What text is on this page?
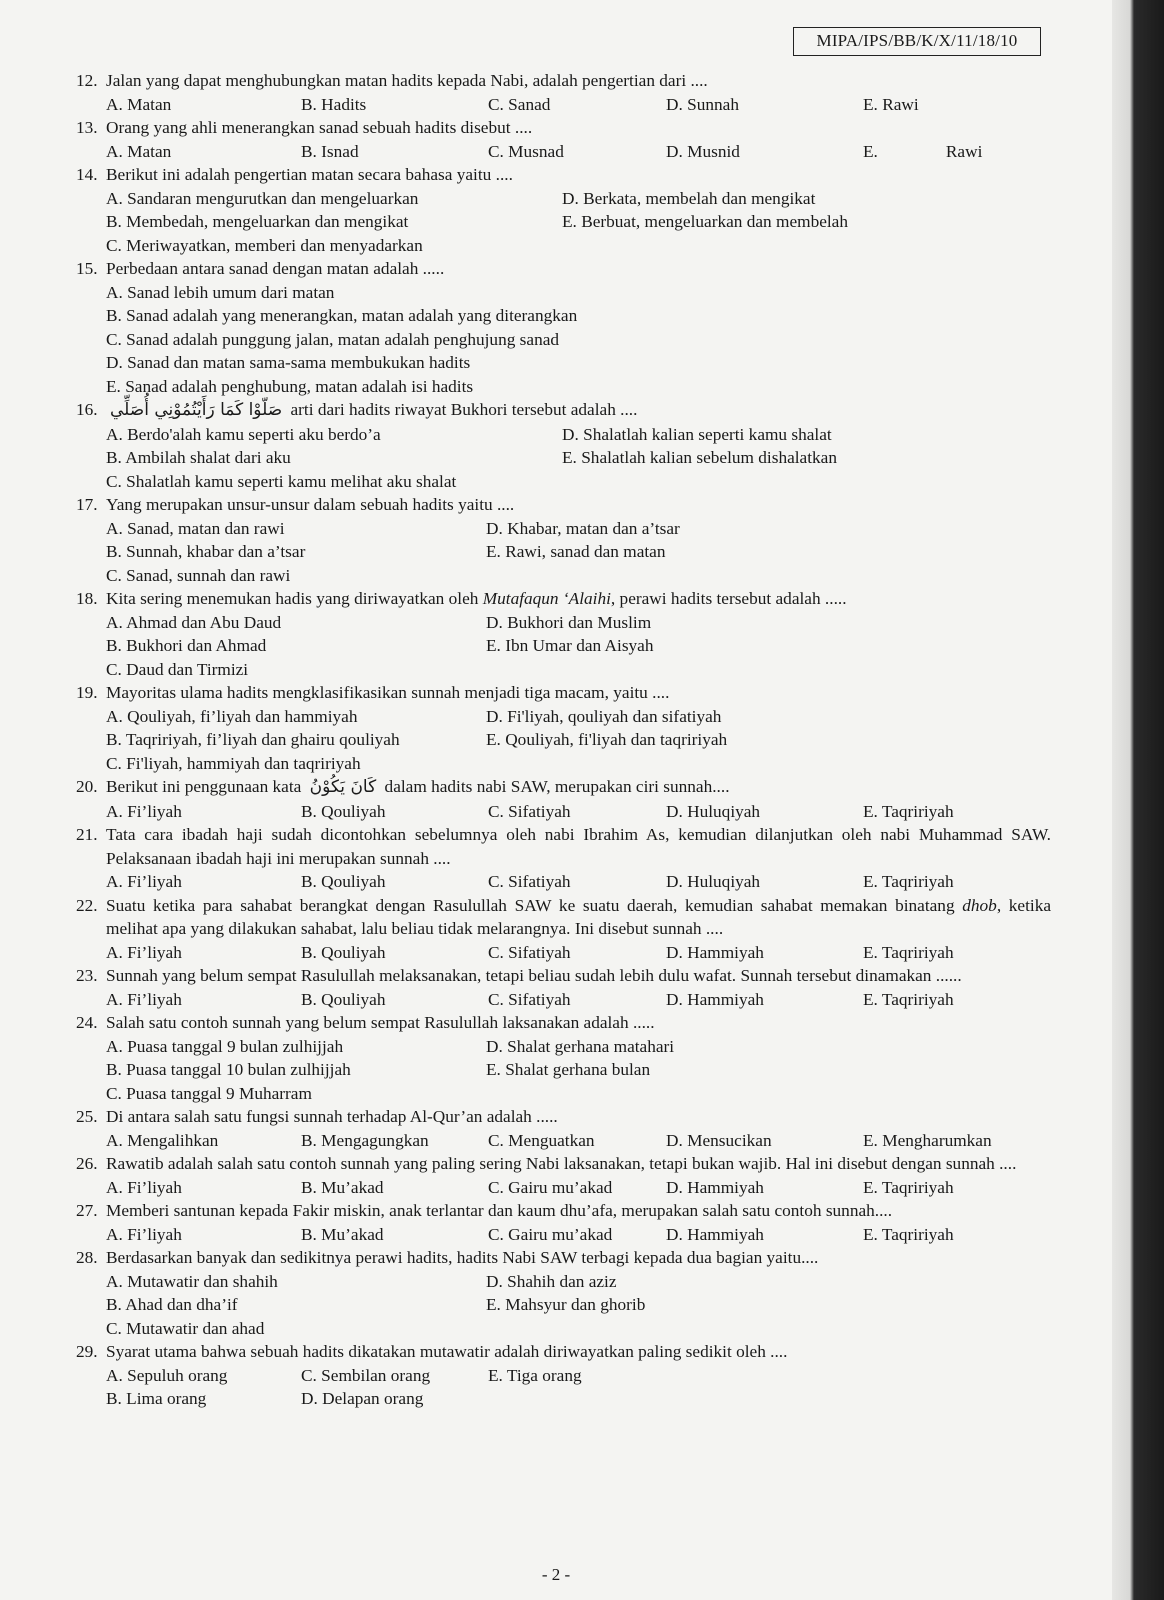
MIPA/IPS/BB/K/X/11/18/10
12. Jalan yang dapat menghubungkan matan hadits kepada Nabi, adalah pengertian dari ....
A. Matan	B. Hadits	C. Sanad	D. Sunnah	E. Rawi
13. Orang yang ahli menerangkan sanad sebuah hadits disebut ....
A. Matan	B. Isnad	C. Musnad	D. Musnid	E.	Rawi
14. Berikut ini adalah pengertian matan secara bahasa yaitu ....
A. Sandaran mengurutkan dan mengeluarkan	D. Berkata, membelah dan mengikat
B. Membedah, mengeluarkan dan mengikat	E. Berbuat, mengeluarkan dan membelah
C. Meriwayatkan, memberi dan menyadarkan
15. Perbedaan antara sanad dengan matan adalah .....
A. Sanad lebih umum dari matan
B. Sanad adalah yang menerangkan, matan adalah yang diterangkan
C. Sanad adalah punggung jalan, matan adalah penghujung sanad
D. Sanad dan matan sama-sama membukukan hadits
E. Sanad adalah penghubung, matan adalah isi hadits
16. صَلّوْا كَمَا رَأَيْتُمُوْنِي أُصَلِّي arti dari hadits riwayat Bukhori tersebut adalah ....
A. Berdo'alah kamu seperti aku berdo’a	D. Shalatlah kalian seperti kamu shalat
B. Ambilah shalat dari aku	E. Shalatlah kalian sebelum dishalatkan
C. Shalatlah kamu seperti kamu melihat aku shalat
17. Yang merupakan unsur-unsur dalam sebuah hadits yaitu ....
A. Sanad, matan dan rawi	D. Khabar, matan dan a’tsar
B. Sunnah, khabar dan a’tsar	E. Rawi, sanad dan matan
C. Sanad, sunnah dan rawi
18. Kita sering menemukan hadis yang diriwayatkan oleh Mutafaqun ‘Alaihi, perawi hadits tersebut adalah .....
A. Ahmad dan Abu Daud	D. Bukhori dan Muslim
B. Bukhori dan Ahmad	E. Ibn Umar dan Aisyah
C. Daud dan Tirmizi
19. Mayoritas ulama hadits mengklasifikasikan sunnah menjadi tiga macam, yaitu ....
A. Qouliyah, fi’liyah dan hammiyah	D. Fi'liyah, qouliyah dan sifatiyah
B. Taqririyah, fi’liyah dan ghairu qouliyah	E. Qouliyah, fi'liyah dan taqririyah
C. Fi'liyah, hammiyah dan taqririyah
20. Berikut ini penggunaan kata كَانَ يَكُوْنُ dalam hadits nabi SAW, merupakan ciri sunnah....
A. Fi’liyah	B. Qouliyah	C. Sifatiyah	D. Huluqiyah	E. Taqririyah
21. Tata cara ibadah haji sudah dicontohkan sebelumnya oleh nabi Ibrahim As, kemudian dilanjutkan oleh nabi Muhammad SAW. Pelaksanaan ibadah haji ini merupakan sunnah ....
A. Fi’liyah	B. Qouliyah	C. Sifatiyah	D. Huluqiyah	E. Taqririyah
22. Suatu ketika para sahabat berangkat dengan Rasulullah SAW ke suatu daerah, kemudian sahabat memakan binatang dhob, ketika melihat apa yang dilakukan sahabat, lalu beliau tidak melarangnya. Ini disebut sunnah ....
A. Fi’liyah	B. Qouliyah	C. Sifatiyah	D. Hammiyah	E. Taqririyah
23. Sunnah yang belum sempat Rasulullah melaksanakan, tetapi beliau sudah lebih dulu wafat. Sunnah tersebut dinamakan ......
A. Fi’liyah	B. Qouliyah	C. Sifatiyah	D. Hammiyah	E. Taqririyah
24. Salah satu contoh sunnah yang belum sempat Rasulullah laksanakan adalah .....
A. Puasa tanggal 9 bulan zulhijjah	D. Shalat gerhana matahari
B. Puasa tanggal 10 bulan zulhijjah	E. Shalat gerhana bulan
C. Puasa tanggal 9 Muharram
25. Di antara salah satu fungsi sunnah terhadap Al-Qur’an adalah .....
A. Mengalihkan	B. Mengagungkan	C. Menguatkan	D. Mensucikan	E. Mengharumkan
26. Rawatib adalah salah satu contoh sunnah yang paling sering Nabi laksanakan, tetapi bukan wajib. Hal ini disebut dengan sunnah ....
A. Fi’liyah	B. Mu’akad	C. Gairu mu’akad	D. Hammiyah	E. Taqririyah
27. Memberi santunan kepada Fakir miskin, anak terlantar dan kaum dhu’afa, merupakan salah satu contoh sunnah....
A. Fi’liyah	B. Mu’akad	C. Gairu mu’akad	D. Hammiyah	E. Taqririyah
28. Berdasarkan banyak dan sedikitnya perawi hadits, hadits Nabi SAW terbagi kepada dua bagian yaitu....
A. Mutawatir dan shahih	D. Shahih dan aziz
B. Ahad dan dha’if	E. Mahsyur dan ghorib
C. Mutawatir dan ahad
29. Syarat utama bahwa sebuah hadits dikatakan mutawatir adalah diriwayatkan paling sedikit oleh ....
A. Sepuluh orang	C. Sembilan orang	E. Tiga orang
B. Lima orang	D. Delapan orang
- 2 -
